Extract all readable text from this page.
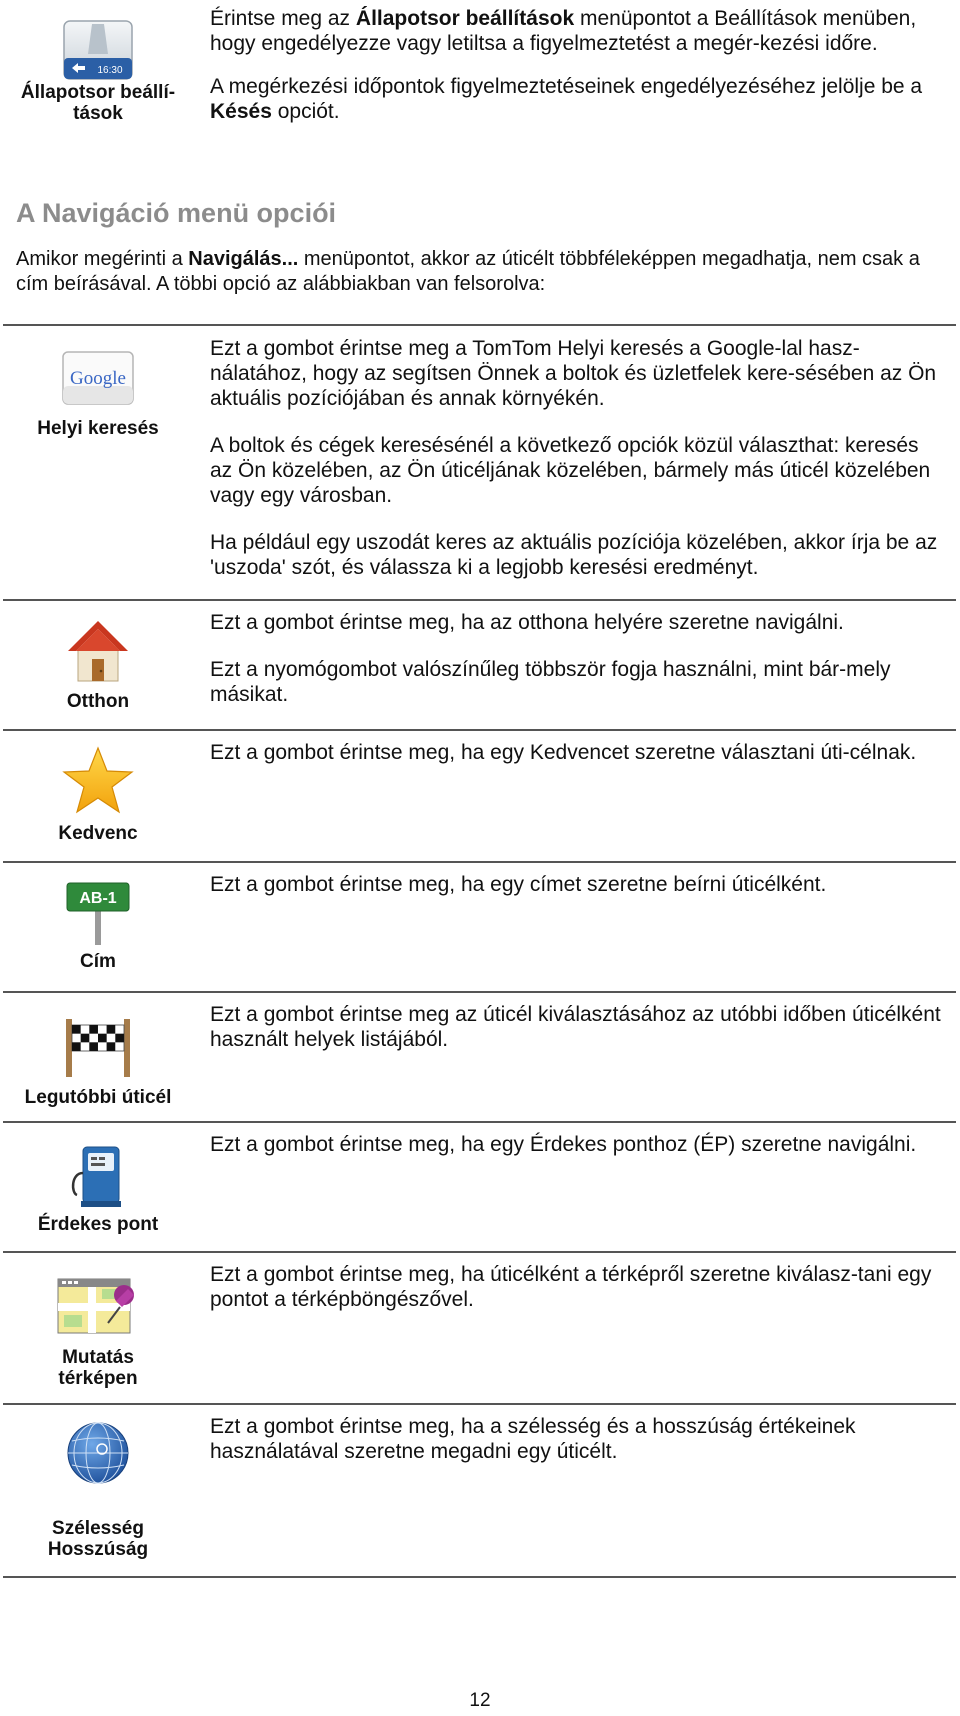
16:30
Állapotsor beállí-
tások

Érintse meg az Állapotsor beállítások menüpontot a Beállítások menüben, hogy engedélyezze vagy letiltsa a figyelmeztetést a megér-kezési időre.

A megérkezési időpontok figyelmeztetéseinek engedélyezéséhez jelölje be a Késés opciót.

A Navigáció menü opciói
Amikor megérinti a Navigálás... menüpontot, akkor az úticélt többféleképpen megadhatja, nem csak a cím beírásával. A többi opció az alábbiakban van felsorolva:
Google
Helyi keresés

Ezt a gombot érintse meg a TomTom Helyi keresés a Google-lal hasz-nálatához, hogy az segítsen Önnek a boltok és üzletfelek kere-sésében az Ön aktuális pozíciójában és annak környékén.

A boltok és cégek keresésénél a következő opciók közül választhat: keresés az Ön közelében, az Ön úticéljának közelében, bármely más úticél közelében vagy egy városban.

Ha például egy uszodát keres az aktuális pozíciója közelében, akkor írja be az 'uszoda' szót, és válassza ki a legjobb keresési eredményt.

Otthon

Ezt a gombot érintse meg, ha az otthona helyére szeretne navigálni.

Ezt a nyomógombot valószínűleg többször fogja használni, mint bár-mely másikat.

Kedvenc

Ezt a gombot érintse meg, ha egy Kedvencet szeretne választani úti-célnak.

AB-1
Cím

Ezt a gombot érintse meg, ha egy címet szeretne beírni úticélként.

Legutóbbi úticél

Ezt a gombot érintse meg az úticél kiválasztásához az utóbbi időben úticélként használt helyek listájából.

Érdekes pont

Ezt a gombot érintse meg, ha egy Érdekes ponthoz (ÉP) szeretne navigálni.

Mutatás
térképen

Ezt a gombot érintse meg, ha úticélként a térképről szeretne kiválasz-tani egy pontot a térképböngészővel.

Szélesség
Hosszúság

Ezt a gombot érintse meg, ha a szélesség és a hosszúság értékeinek használatával szeretne megadni egy úticélt.

12
